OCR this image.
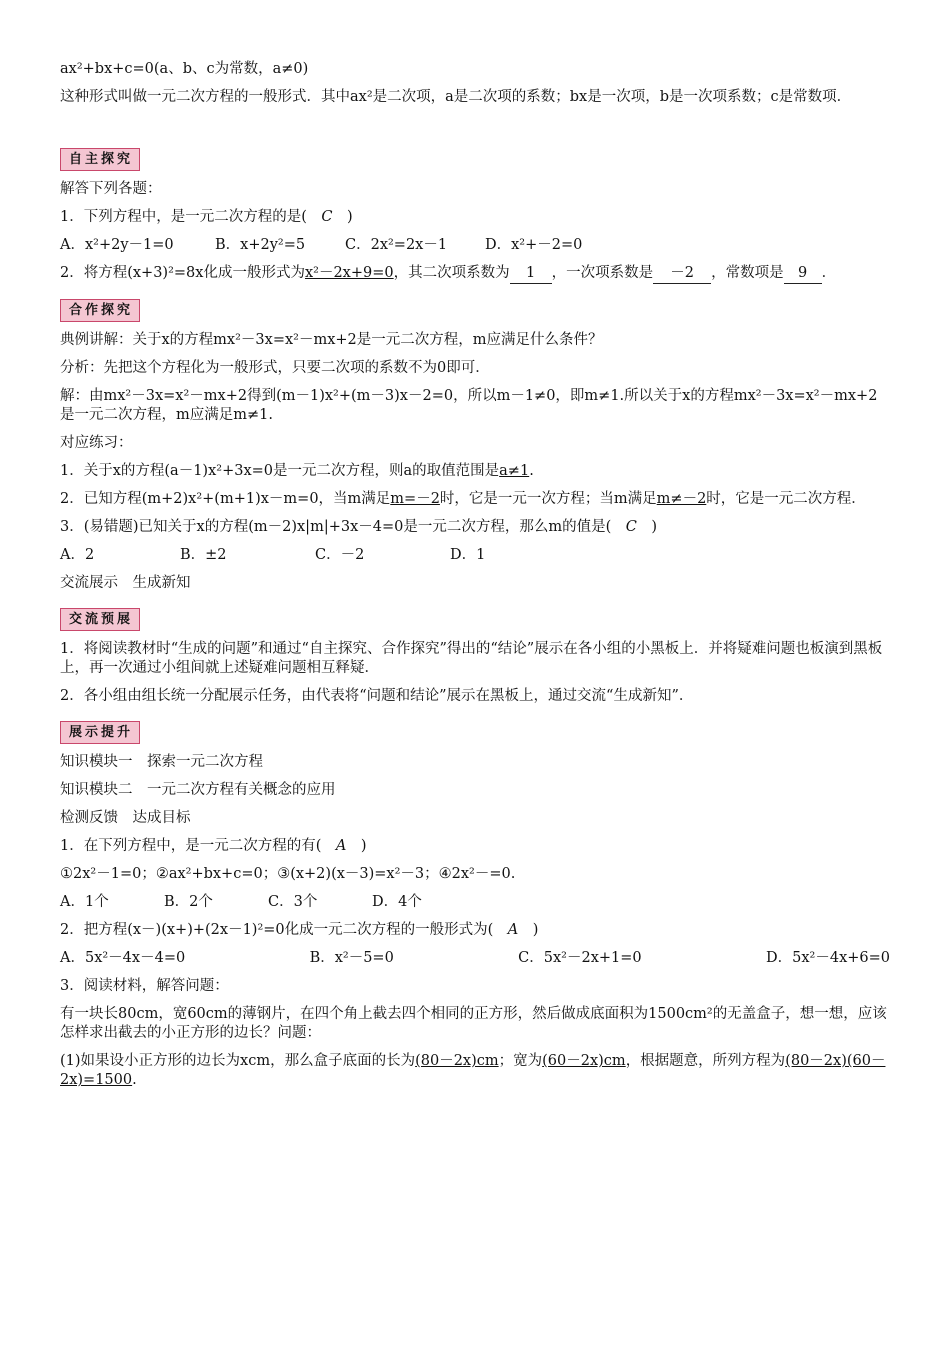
ax²+bx+c=0(a、b、c为常数，a≠0)

这种形式叫做一元二次方程的一般形式．其中ax²是二次项，a是二次项的系数；bx是一次项，b是一次项系数；c是常数项．

自主探究

解答下列各题：

1．下列方程中，是一元二次方程的是(　C　)

A．x²+2y－1=0	B．x+2y²=5	C．2x²=2x－1	D．x²+－2=0

2．将方程(x+3)²=8x化成一般形式为x²－2x+9=0，其二次项系数为 1 ，一次项系数是 －2 ，常数项是 9 ．

合作探究

典例讲解：关于x的方程mx²－3x=x²－mx+2是一元二次方程，m应满足什么条件？

分析：先把这个方程化为一般形式，只要二次项的系数不为0即可．

解：由mx²－3x=x²－mx+2得到(m－1)x²+(m－3)x－2=0，所以m－1≠0，即m≠1.所以关于x的方程mx²－3x=x²－mx+2是一元二次方程，m应满足m≠1.

对应练习：

1．关于x的方程(a－1)x²+3x=0是一元二次方程，则a的取值范围是a≠1.

2．已知方程(m+2)x²+(m+1)x－m=0，当m满足m=－2时，它是一元一次方程；当m满足m≠－2时，它是一元二次方程．

3．(易错题)已知关于x的方程(m－2)x|m|+3x－4=0是一元二次方程，那么m的值是(　C　)

A．2	B．±2	C．－2	D．1

交流展示　生成新知

交流预展

1．将阅读教材时“生成的问题”和通过“自主探究、合作探究”得出的“结论”展示在各小组的小黑板上．并将疑难问题也板演到黑板上，再一次通过小组间就上述疑难问题相互释疑．

2．各小组由组长统一分配展示任务，由代表将“问题和结论”展示在黑板上，通过交流“生成新知”．

展示提升

知识模块一　探索一元二次方程

知识模块二　一元二次方程有关概念的应用

检测反馈　达成目标

1．在下列方程中，是一元二次方程的有(　A　)

①2x²－1=0；②ax²+bx+c=0；③(x+2)(x－3)=x²－3；④2x²－=0.

A．1个	B．2个	C．3个	D．4个

2．把方程(x－)(x+)+(2x－1)²=0化成一元二次方程的一般形式为(　A　)

A．5x²－4x－4=0	B．x²－5=0	C．5x²－2x+1=0	D．5x²－4x+6=0

3．阅读材料，解答问题：

有一块长80cm，宽60cm的薄钢片，在四个角上截去四个相同的正方形，然后做成底面积为1500cm²的无盖盒子，想一想，应该怎样求出截去的小正方形的边长？问题：

(1)如果设小正方形的边长为xcm，那么盒子底面的长为(80－2x)cm；宽为(60－2x)cm，根据题意，所列方程为(80－2x)(60－2x)=1500.
